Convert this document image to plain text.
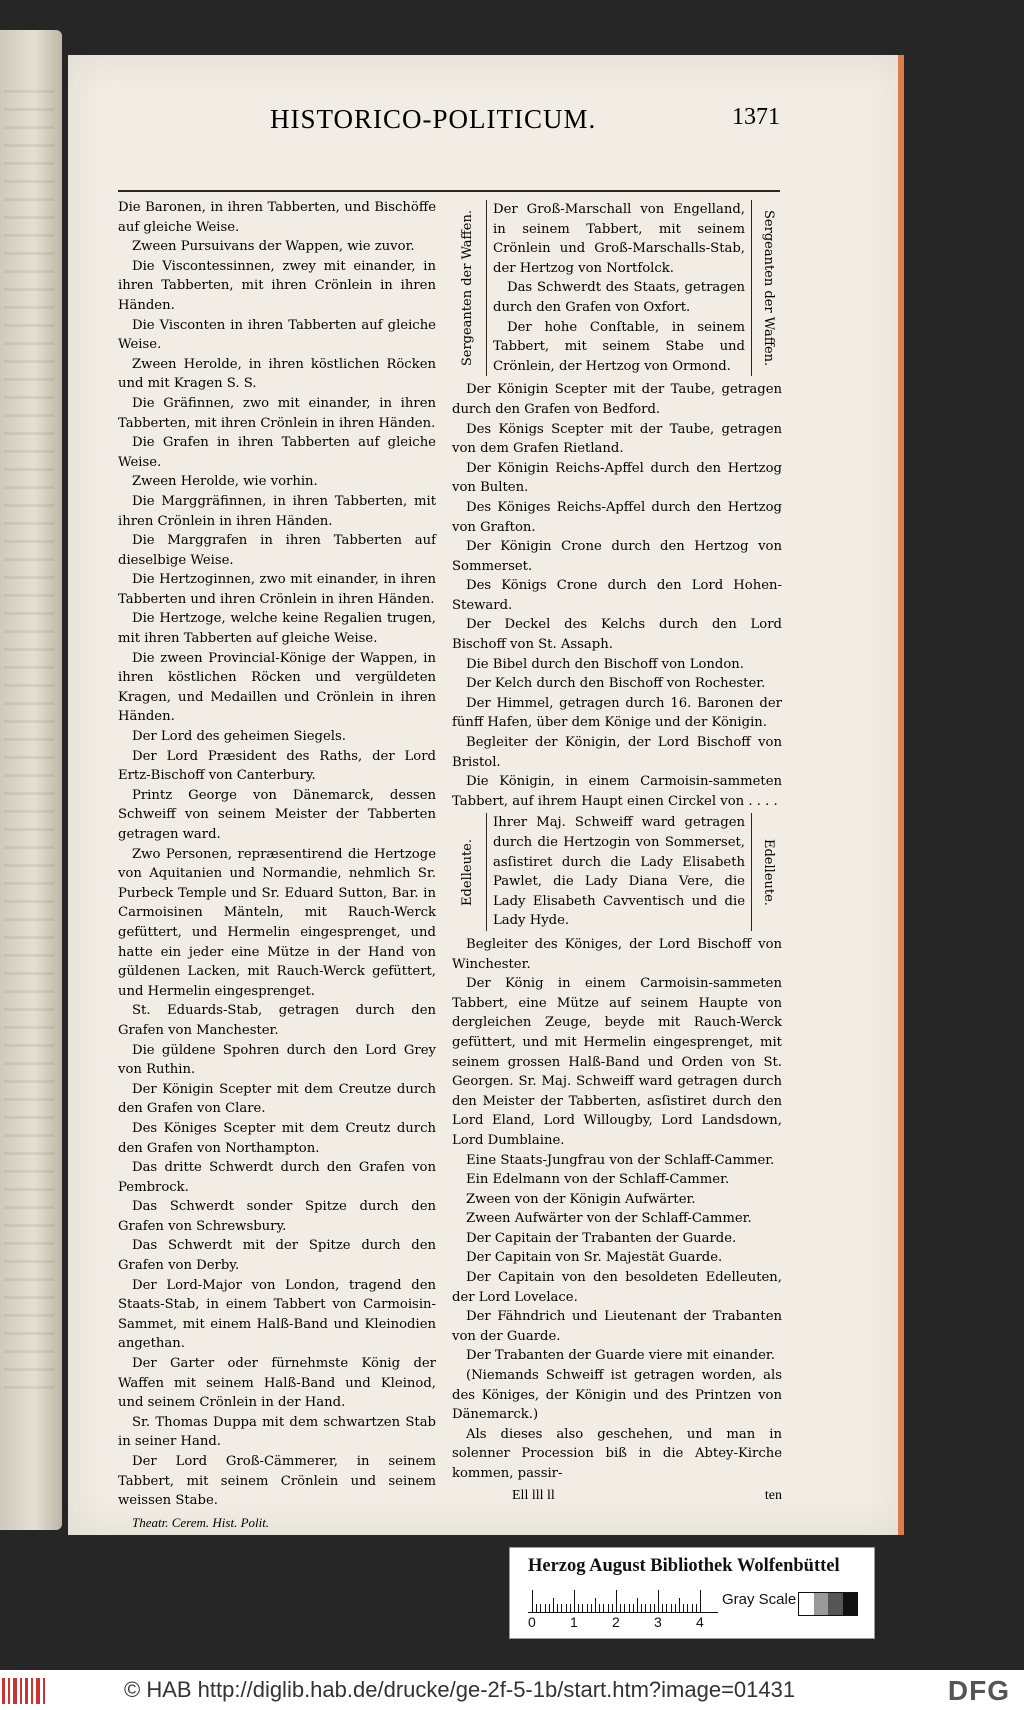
HISTORICO-POLITICUM.	1371

Die Baronen, in ihren Tabberten, und Bischöffe auf gleiche Weise.

Zween Pursuivans der Wappen, wie zuvor.

Die Viscontessinnen, zwey mit einander, in ihren Tabberten, mit ihren Crönlein in ihren Händen.

Die Visconten in ihren Tabberten auf gleiche Weise.

Zween Herolde, in ihren köstlichen Röcken und mit Kragen S. S.

Die Gräfinnen, zwo mit einander, in ihren Tabberten, mit ihren Crönlein in ihren Händen.

Die Grafen in ihren Tabberten auf gleiche Weise.

Zween Herolde, wie vorhin.

Die Marggräfinnen, in ihren Tabberten, mit ihren Crönlein in ihren Händen.

Die Marggrafen in ihren Tabberten auf dieselbige Weise.

Die Hertzoginnen, zwo mit einander, in ihren Tabberten und ihren Crönlein in ihren Händen.

Die Hertzoge, welche keine Regalien trugen, mit ihren Tabberten auf gleiche Weise.

Die zween Provincial-Könige der Wappen, in ihren köstlichen Röcken und vergüldeten Kragen, und Medaillen und Crönlein in ihren Händen.

Der Lord des geheimen Siegels.

Der Lord Præsident des Raths, der Lord Ertz-Bischoff von Canterbury.

Printz George von Dänemarck, dessen Schweiff von seinem Meister der Tabberten getragen ward.

Zwo Personen, repræsentirend die Hertzoge von Aquitanien und Normandie, nehmlich Sr. Purbeck Temple und Sr. Eduard Sutton, Bar. in Carmoisinen Mänteln, mit Rauch-Werck gefüttert, und Hermelin eingesprenget, und hatte ein jeder eine Mütze in der Hand von güldenen Lacken, mit Rauch-Werck gefüttert, und Hermelin eingesprenget.

St. Eduards-Stab, getragen durch den Grafen von Manchester.

Die güldene Spohren durch den Lord Grey von Ruthin.

Der Königin Scepter mit dem Creutze durch den Grafen von Clare.

Des Königes Scepter mit dem Creutz durch den Grafen von Northampton.

Das dritte Schwerdt durch den Grafen von Pembrock.

Das Schwerdt sonder Spitze durch den Grafen von Schrewsbury.

Das Schwerdt mit der Spitze durch den Grafen von Derby.

Der Lord-Major von London, tragend den Staats-Stab, in einem Tabbert von Carmoisin-Sammet, mit einem Halß-Band und Kleinodien angethan.

Der Garter oder fürnehmste König der Waffen mit seinem Halß-Band und Kleinod, und seinem Crönlein in der Hand.

Sr. Thomas Duppa mit dem schwartzen Stab in seiner Hand.

Der Lord Groß-Cämmerer, in seinem Tabbert, mit seinem Crönlein und seinem weissen Stabe.

Theatr. Cerem. Hist. Polit.
Sergeanten der Waffen.

Der Groß-Marschall von Engelland, in seinem Tabbert, mit seinem Crönlein und Groß-Marschalls-Stab, der Hertzog von Nortfolck.

Das Schwerdt des Staats, getragen durch den Grafen von Oxfort.

Der hohe Conſtable, in seinem Tabbert, mit seinem Stabe und Crönlein, der Hertzog von Ormond.	Sergeanten der Waffen.

Der Königin Scepter mit der Taube, getragen durch den Grafen von Bedford.

Des Königs Scepter mit der Taube, getragen von dem Grafen Rietland.

Der Königin Reichs-Apffel durch den Hertzog von Bulten.

Des Königes Reichs-Apffel durch den Hertzog von Grafton.

Der Königin Crone durch den Hertzog von Sommerset.

Des Königs Crone durch den Lord Hohen-Steward.

Der Deckel des Kelchs durch den Lord Bischoff von St. Assaph.

Die Bibel durch den Bischoff von London.

Der Kelch durch den Bischoff von Rochester.

Der Himmel, getragen durch 16. Baronen der fünff Hafen, über dem Könige und der Königin.

Begleiter der Königin, der Lord Bischoff von Bristol.

Die Königin, in einem Carmoisin-sammeten Tabbert, auf ihrem Haupt einen Circkel von . . . .

Edelleute.

Ihrer Maj. Schweiff ward getragen durch die Hertzogin von Sommerset, asſistiret durch die Lady Elisabeth Pawlet, die Lady Diana Vere, die Lady Elisabeth Cavventisch und die Lady Hyde.

Edelleute.

Begleiter des Königes, der Lord Bischoff von Winchester.

Der König in einem Carmoisin-sammeten Tabbert, eine Mütze auf seinem Haupte von dergleichen Zeuge, beyde mit Rauch-Werck gefüttert, und mit Hermelin eingesprenget, mit seinem grossen Halß-Band und Orden von St. Georgen. Sr. Maj. Schweiff ward getragen durch den Meister der Tabberten, asſistiret durch den Lord Eland, Lord Willougby, Lord Landsdown, Lord Dumblaine.

Eine Staats-Jungfrau von der Schlaff-Cammer.

Ein Edelmann von der Schlaff-Cammer.

Zween von der Königin Aufwärter.

Zween Aufwärter von der Schlaff-Cammer.

Der Capitain der Trabanten der Guarde.

Der Capitain von Sr. Majestät Guarde.

Der Capitain von den besoldeten Edelleuten, der Lord Lovelace.

Der Fähndrich und Lieutenant der Trabanten von der Guarde.

Der Trabanten der Guarde viere mit einander.

(Niemands Schweiff ist getragen worden, als des Königes, der Königin und des Printzen von Dänemarck.)

Als dieses also geschehen, und man in solenner Procession biß in die Abtey-Kirche kommen, passir-

Ell lll ll	ten
Herzog August Bibliothek Wolfenbüttel
0 1 2 3 4
Gray Scale
© HAB http://diglib.hab.de/drucke/ge-2f-5-1b/start.htm?image=01431	DFG
